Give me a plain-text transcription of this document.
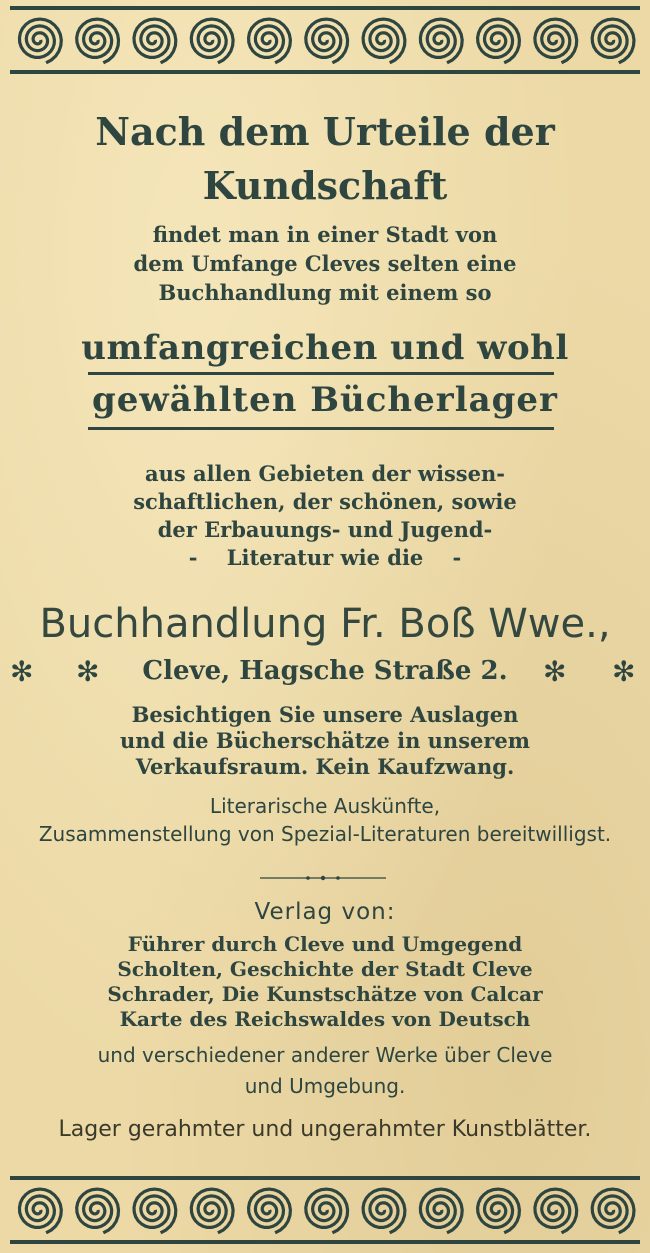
Nach dem Urteile der
Kundschaft
findet man in einer Stadt von
dem Umfange Cleves selten eine
Buchhandlung mit einem so
umfangreichen und wohl
gewählten Bücherlager
aus allen Gebieten der wissen-
schaftlichen, der schönen, sowie
der Erbauungs- und Jugend-
-    Literatur wie die    -
Buchhandlung Fr. Boß Wwe.,
✻ ✻	Cleve, Hagsche Straße 2.	✻ ✻
Besichtigen Sie unsere Auslagen
und die Bücherschätze in unserem
Verkaufsraum. Kein Kaufzwang.
Literarische Auskünfte,
Zusammenstellung von Spezial-Literaturen bereitwilligst.
Verlag von:
Führer durch Cleve und Umgegend
Scholten, Geschichte der Stadt Cleve
Schrader, Die Kunstschätze von Calcar
Karte des Reichswaldes von Deutsch
und verschiedener anderer Werke über Cleve
und Umgebung.
Lager gerahmter und ungerahmter Kunstblätter.
